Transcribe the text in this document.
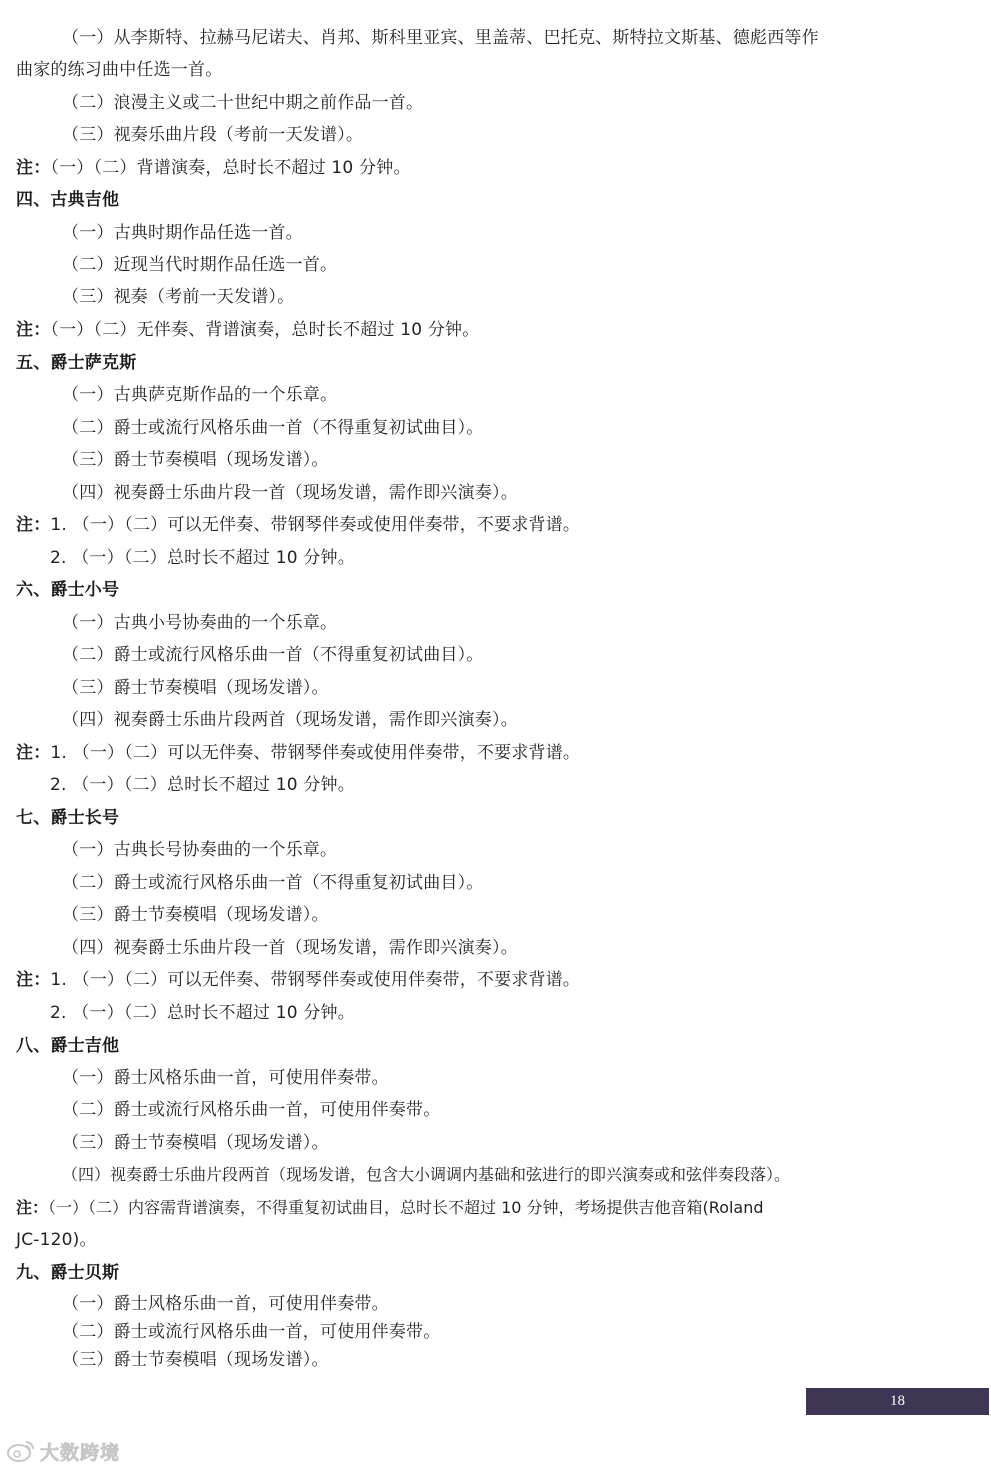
（一）从李斯特、拉赫马尼诺夫、肖邦、斯科里亚宾、里盖蒂、巴托克、斯特拉文斯基、德彪西等作
曲家的练习曲中任选一首。
（二）浪漫主义或二十世纪中期之前作品一首。
（三）视奏乐曲片段（考前一天发谱）。
注：（一）（二）背谱演奏，总时长不超过 10 分钟。
四、古典吉他
（一）古典时期作品任选一首。
（二）近现当代时期作品任选一首。
（三）视奏（考前一天发谱）。
注：（一）（二）无伴奏、背谱演奏，总时长不超过 10 分钟。
五、爵士萨克斯
（一）古典萨克斯作品的一个乐章。
（二）爵士或流行风格乐曲一首（不得重复初试曲目）。
（三）爵士节奏模唱（现场发谱）。
（四）视奏爵士乐曲片段一首（现场发谱，需作即兴演奏）。
注：1. （一）（二）可以无伴奏、带钢琴伴奏或使用伴奏带，不要求背谱。
2. （一）（二）总时长不超过 10 分钟。
六、爵士小号
（一）古典小号协奏曲的一个乐章。
（二）爵士或流行风格乐曲一首（不得重复初试曲目）。
（三）爵士节奏模唱（现场发谱）。
（四）视奏爵士乐曲片段两首（现场发谱，需作即兴演奏）。
注：1. （一）（二）可以无伴奏、带钢琴伴奏或使用伴奏带，不要求背谱。
2. （一）（二）总时长不超过 10 分钟。
七、爵士长号
（一）古典长号协奏曲的一个乐章。
（二）爵士或流行风格乐曲一首（不得重复初试曲目）。
（三）爵士节奏模唱（现场发谱）。
（四）视奏爵士乐曲片段一首（现场发谱，需作即兴演奏）。
注：1. （一）（二）可以无伴奏、带钢琴伴奏或使用伴奏带，不要求背谱。
2. （一）（二）总时长不超过 10 分钟。
八、爵士吉他
（一）爵士风格乐曲一首，可使用伴奏带。
（二）爵士或流行风格乐曲一首，可使用伴奏带。
（三）爵士节奏模唱（现场发谱）。
（四）视奏爵士乐曲片段两首（现场发谱，包含大小调调内基础和弦进行的即兴演奏或和弦伴奏段落）。
注：（一）（二）内容需背谱演奏，不得重复初试曲目，总时长不超过 10 分钟，考场提供吉他音箱(Roland
JC-120)。
九、爵士贝斯
（一）爵士风格乐曲一首，可使用伴奏带。
（二）爵士或流行风格乐曲一首，可使用伴奏带。
（三）爵士节奏模唱（现场发谱）。
18
大数跨境
